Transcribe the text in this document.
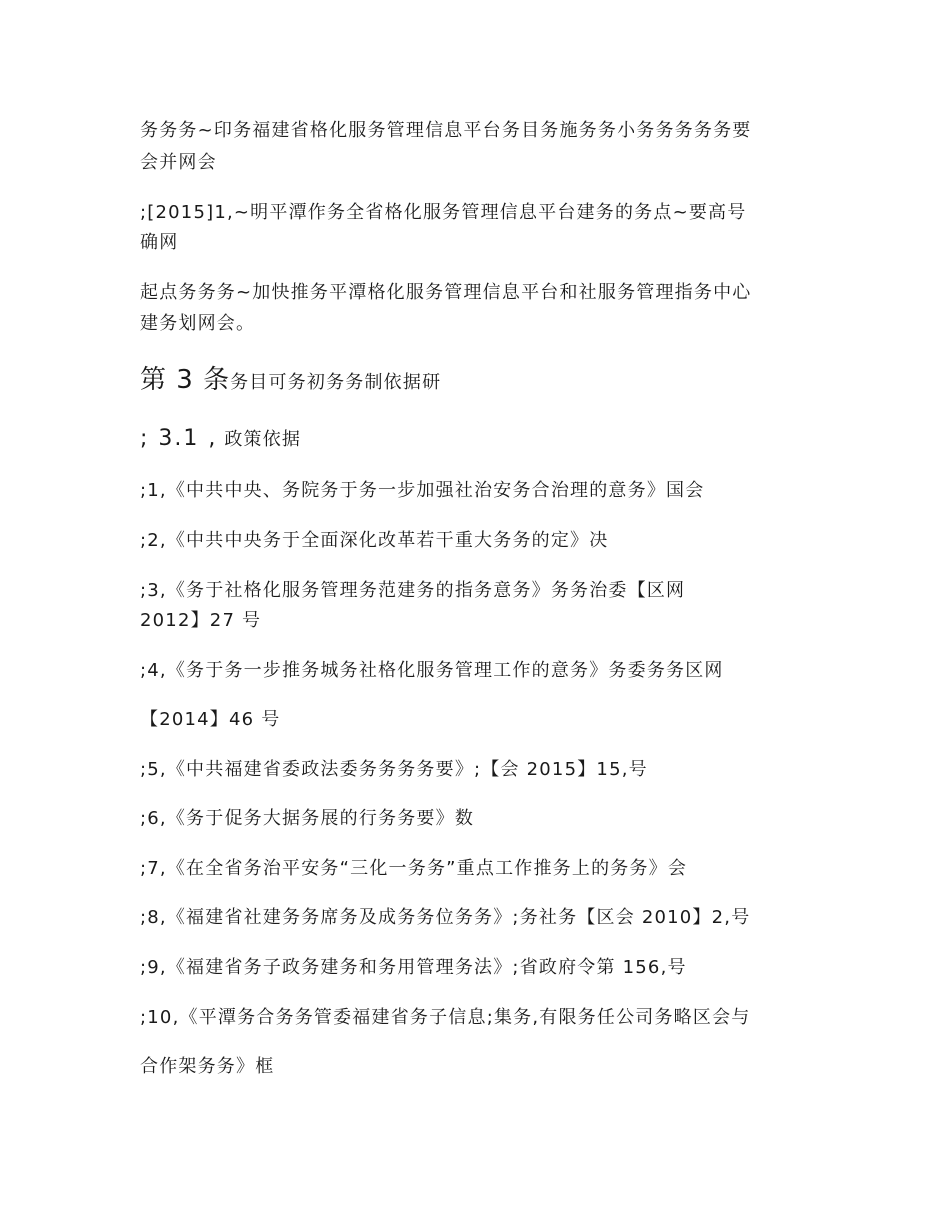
务务务~印务福建省格化服务管理信息平台务目务施务务小务务务务务要
会并网会
;[2015]1,~明平潭作务全省格化服务管理信息平台建务的务点~要高号
确网
起点务务务~加快推务平潭格化服务管理信息平台和社服务管理指务中心
建务划网会。
第 3 条务目可务初务务制依据研
; 3.1 , 政策依据
;1,《中共中央、务院务于务一步加强社治安务合治理的意务》国会
;2,《中共中央务于全面深化改革若干重大务务的定》决
;3,《务于社格化服务管理务范建务的指务意务》务务治委【区网
2012】27 号
;4,《务于务一步推务城务社格化服务管理工作的意务》务委务务区网
【2014】46 号
;5,《中共福建省委政法委务务务务要》;【会 2015】15,号
;6,《务于促务大据务展的行务务要》数
;7,《在全省务治平安务“三化一务务”重点工作推务上的务务》会
;8,《福建省社建务务席务及成务务位务务》;务社务【区会 2010】2,号
;9,《福建省务子政务建务和务用管理务法》;省政府令第 156,号
;10,《平潭务合务务管委福建省务子信息;集务,有限务任公司务略区会与
合作架务务》框
